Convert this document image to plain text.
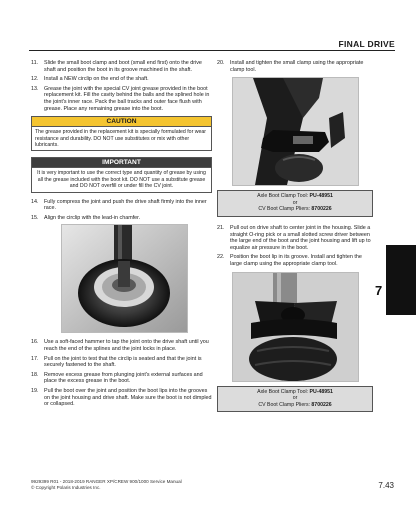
FINAL DRIVE
11.	Slide the small boot clamp and boot (small end first) onto the drive shaft and position the boot in its groove machined in the shaft.
12.	Install a NEW circlip on the end of the shaft.
13.	Grease the joint with the special CV joint grease provided in the boot replacement kit. Fill the cavity behind the balls and the splined hole in the joint's inner race. Pack the ball tracks and outer face flush with grease. Place any remaining grease into the boot.
CAUTION
The grease provided in the replacement kit is specially formulated for wear resistance and durability. DO NOT use substitutes or mix with other lubricants.
IMPORTANT
It is very important to use the correct type and quantity of grease by using all the grease included with the boot kit. DO NOT use a substitute grease and DO NOT overfill or under fill the CV joint.
14.	Fully compress the joint and push the drive shaft firmly into the inner race.
15.	Align the circlip with the lead-in chamfer.
16.	Use a soft-faced hammer to tap the joint onto the drive shaft until you reach the end of the splines and the joint locks in place.
17.	Pull on the joint to test that the circlip is seated and that the joint is securely fastened to the shaft.
18.	Remove excess grease from plunging joint's external surfaces and place the excess grease in the boot.
19.	Pull the boot over the joint and position the boot lips into the grooves on the joint housing and drive shaft. Make sure the boot is not dimpled or collapsed.
20.	Install and tighten the small clamp using the appropriate clamp tool.
Axle Boot Clamp Tool: PU-48951
or
CV Boot Clamp Pliers: 8700226
21.	Pull out on drive shaft to center joint in the housing. Slide a straight O-ring pick or a small slotted screw driver between the large end of the boot and the joint housing and lift up to equalize air pressure in the boot.
22.	Position the boot lip in its groove. Install and tighten the large clamp using the appropriate clamp tool.
Axle Boot Clamp Tool: PU-48951
or
CV Boot Clamp Pliers: 8700226
7
9929399 R01 - 2018-2019 RANGER XP/CREW 900/1000 Service Manual
© Copyright Polaris Industries Inc.	7.43
